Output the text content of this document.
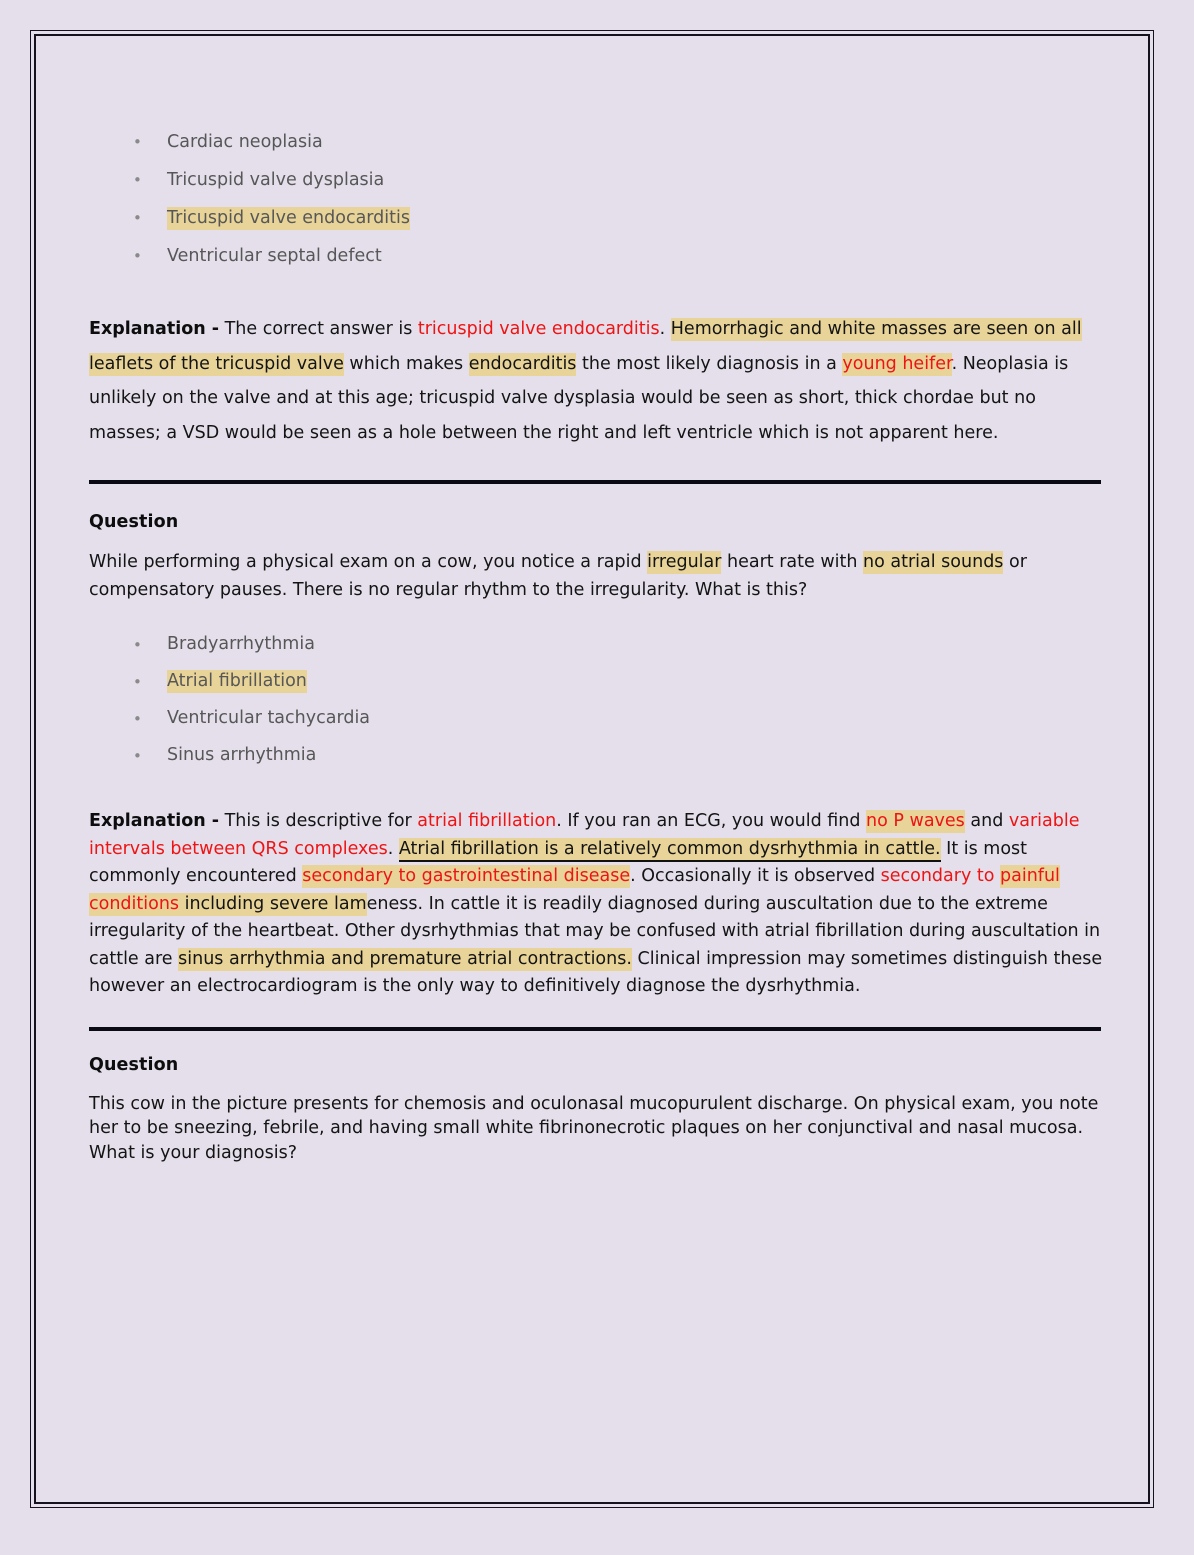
• Cardiac neoplasia
• Tricuspid valve dysplasia
• Tricuspid valve endocarditis
• Ventricular septal defect

Explanation - The correct answer is tricuspid valve endocarditis. Hemorrhagic and white masses are seen on all leaflets of the tricuspid valve which makes endocarditis the most likely diagnosis in a young heifer. Neoplasia is unlikely on the valve and at this age; tricuspid valve dysplasia would be seen as short, thick chordae but no masses; a VSD would be seen as a hole between the right and left ventricle which is not apparent here.

Question

While performing a physical exam on a cow, you notice a rapid irregular heart rate with no atrial sounds or compensatory pauses. There is no regular rhythm to the irregularity. What is this?

• Bradyarrhythmia
• Atrial fibrillation
• Ventricular tachycardia
• Sinus arrhythmia

Explanation - This is descriptive for atrial fibrillation. If you ran an ECG, you would find no P waves and variable intervals between QRS complexes. Atrial fibrillation is a relatively common dysrhythmia in cattle. It is most commonly encountered secondary to gastrointestinal disease. Occasionally it is observed secondary to painful conditions including severe lameness. In cattle it is readily diagnosed during auscultation due to the extreme irregularity of the heartbeat. Other dysrhythmias that may be confused with atrial fibrillation during auscultation in cattle are sinus arrhythmia and premature atrial contractions. Clinical impression may sometimes distinguish these however an electrocardiogram is the only way to definitively diagnose the dysrhythmia.

Question

This cow in the picture presents for chemosis and oculonasal mucopurulent discharge. On physical exam, you note her to be sneezing, febrile, and having small white fibrinonecrotic plaques on her conjunctival and nasal mucosa. What is your diagnosis?
